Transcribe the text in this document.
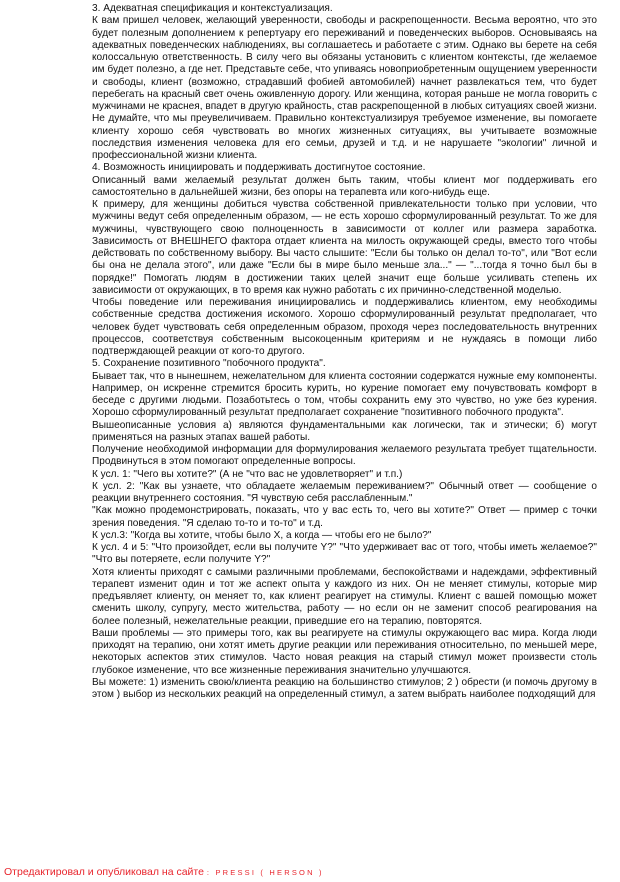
3. Адекватная спецификация и контекстуализация.

К вам пришел человек, желающий уверенности, свободы и раскрепощенности. Весьма вероятно, что это будет полезным дополнением к репертуару его переживаний и поведенческих выборов. Основываясь на адекватных поведенческих наблюдениях, вы соглашаетесь и работаете с этим. Однако вы берете на себя колоссальную ответственность. В силу чего вы обязаны установить с клиентом контексты, где желаемое им будет полезно, а где нет. Представьте себе, что упиваясь новоприобретенным ощущением уверенности и свободы, клиент (возможно, страдавший фобией автомобилей) начнет развлекаться тем, что будет перебегать на красный свет очень оживленную дорогу. Или женщина, которая раньше не могла говорить с мужчинами не краснея, впадет в другую крайность, став раскрепощенной в любых ситуациях своей жизни. Не думайте, что мы преувеличиваем. Правильно контекстуализируя требуемое изменение, вы помогаете клиенту хорошо себя чувствовать во многих жизненных ситуациях, вы учитываете возможные последствия изменения человека для его семьи, друзей и т.д. и не нарушаете "экологии" личной и профессиональной жизни клиента.

4. Возможность инициировать и поддерживать достигнутое состояние.

Описанный вами желаемый результат должен быть таким, чтобы клиент мог поддерживать его самостоятельно в дальнейшей жизни, без опоры на терапевта или кого-нибудь еще.

К примеру, для женщины добиться чувства собственной привлекательности только при условии, что мужчины ведут себя определенным образом, — не есть хорошо сформулированный результат. То же для мужчины, чувствующего свою полноценность в зависимости от коллег или размера заработка. Зависимость от ВНЕШНЕГО фактора отдает клиента на милость окружающей среды, вместо того чтобы действовать по собственному выбору. Вы часто слышите: "Если бы только он делал то-то", или "Вот если бы она не делала этого", или даже "Если бы в мире было меньше зла..." — "...тогда я точно был бы в порядке!" Помогать людям в достижении таких целей значит еще больше усиливать степень их зависимости от окружающих, в то время как нужно работать с их причинно-следственной моделью.

Чтобы поведение или переживания инициировались и поддерживались клиентом, ему необходимы собственные средства достижения искомого. Хорошо сформулированный результат предполагает, что человек будет чувствовать себя определенным образом, проходя через последовательность внутренних процессов, соответствуя собственным высокоценным критериям и не нуждаясь в помощи либо подтверждающей реакции от кого-то другого.

5. Сохранение позитивного "побочного продукта".

Бывает так, что в нынешнем, нежелательном для клиента состоянии содержатся нужные ему компоненты. Например, он искренне стремится бросить курить, но курение помогает ему почувствовать комфорт в беседе с другими людьми. Позаботьтесь о том, чтобы сохранить ему это чувство, но уже без курения. Хорошо сформулированный результат предполагает сохранение "позитивного побочного продукта".

Вышеописанные условия а) являются фундаментальными как логически, так и этически; б) могут применяться на разных этапах вашей работы.

Получение необходимой информации для формулирования желаемого результата требует тщательности. Продвинуться в этом помогают определенные вопросы.

К усл. 1: "Чего вы хотите?" (А не "что вас не удовлетворяет" и т.п.)

К усл. 2: "Как вы узнаете, что обладаете желаемым переживанием?" Обычный ответ — сообщение о реакции внутреннего состояния. "Я чувствую себя расслабленным."

"Как можно продемонстрировать, показать, что у вас есть то, чего вы хотите?" Ответ — пример с точки зрения поведения. "Я сделаю то-то и то-то" и т.д.

К усл.3: "Когда вы хотите, чтобы было X, а когда — чтобы его не было?"

К усл. 4 и 5: "Что произойдет, если вы получите Y?" "Что удерживает вас от того, чтобы иметь желаемое?" "Что вы потеряете, если получите Y?"

Хотя клиенты приходят с самыми различными проблемами, беспокойствами и надеждами, эффективный терапевт изменит один и тот же аспект опыта у каждого из них. Он не меняет стимулы, которые мир предъявляет клиенту, он меняет то, как клиент реагирует на стимулы. Клиент с вашей помощью может сменить школу, супругу, место жительства, работу — но если он не заменит способ реагирования на более полезный, нежелательные реакции, приведшие его на терапию, повторятся.

Ваши проблемы — это примеры того, как вы реагируете на стимулы окружающего вас мира. Когда люди приходят на терапию, они хотят иметь другие реакции или переживания относительно, по меньшей мере, некоторых аспектов этих стимулов. Часто новая реакция на старый стимул может произвести столь глубокое изменение, что все жизненные переживания значительно улучшаются.

Вы можете: 1) изменить свою/клиента реакцию на большинство стимулов; 2 ) обрести (и помочь другому в этом ) выбор из нескольких реакций на определенный стимул, а затем выбрать наиболее подходящий для

Отредактировал и опубликовал на сайте : PRESSI ( HERSON )
